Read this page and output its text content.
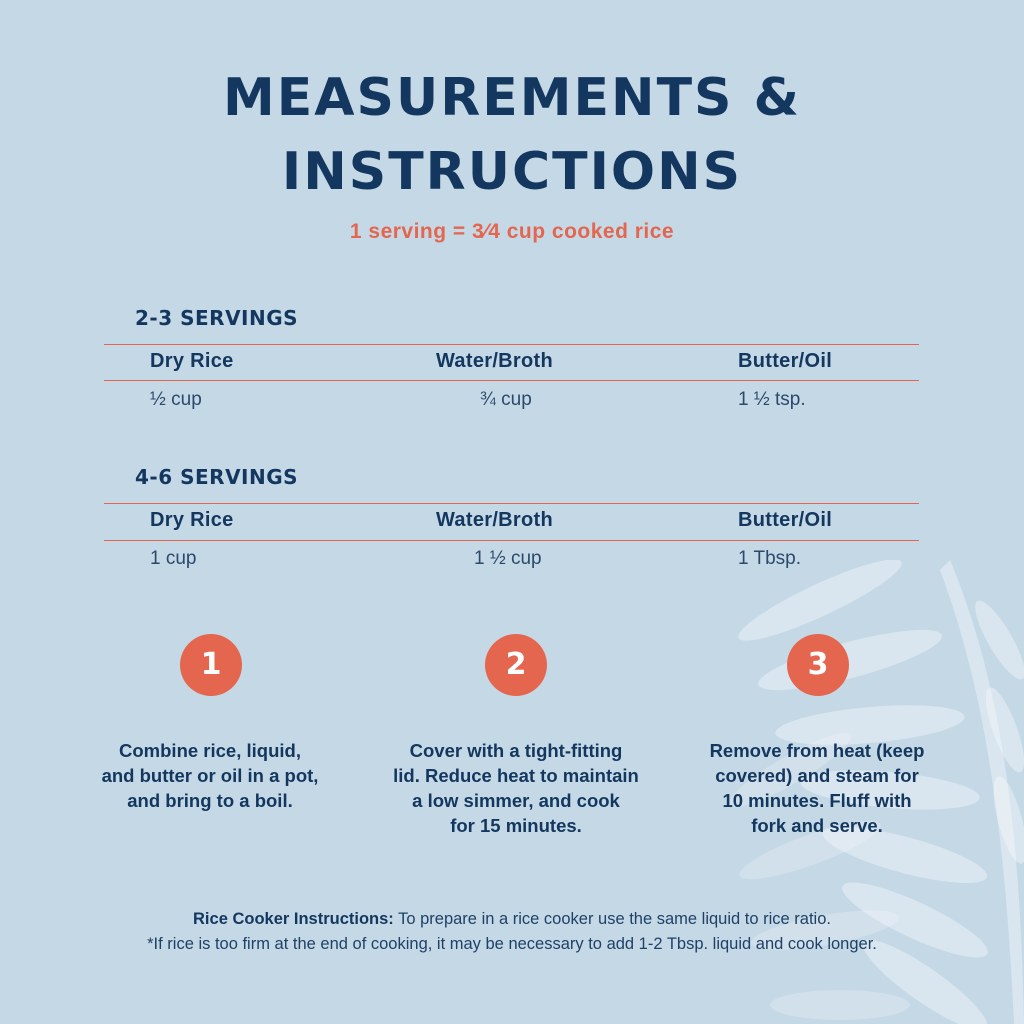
MEASUREMENTS &
INSTRUCTIONS
1 serving = 3⁄4 cup cooked rice
2-3 SERVINGS
Dry Rice	Water/Broth	Butter/Oil
½ cup	¾ cup	1 ½ tsp.
4-6 SERVINGS
Dry Rice	Water/Broth	Butter/Oil
1 cup	1 ½ cup	1 Tbsp.
1
Combine rice, liquid,
and butter or oil in a pot,
and bring to a boil.
2
Cover with a tight-fitting
lid. Reduce heat to maintain
a low simmer, and cook
for 15 minutes.
3
Remove from heat (keep
covered) and steam for
10 minutes. Fluff with
fork and serve.
Rice Cooker Instructions: To prepare in a rice cooker use the same liquid to rice ratio.
*If rice is too firm at the end of cooking, it may be necessary to add 1-2 Tbsp. liquid and cook longer.
